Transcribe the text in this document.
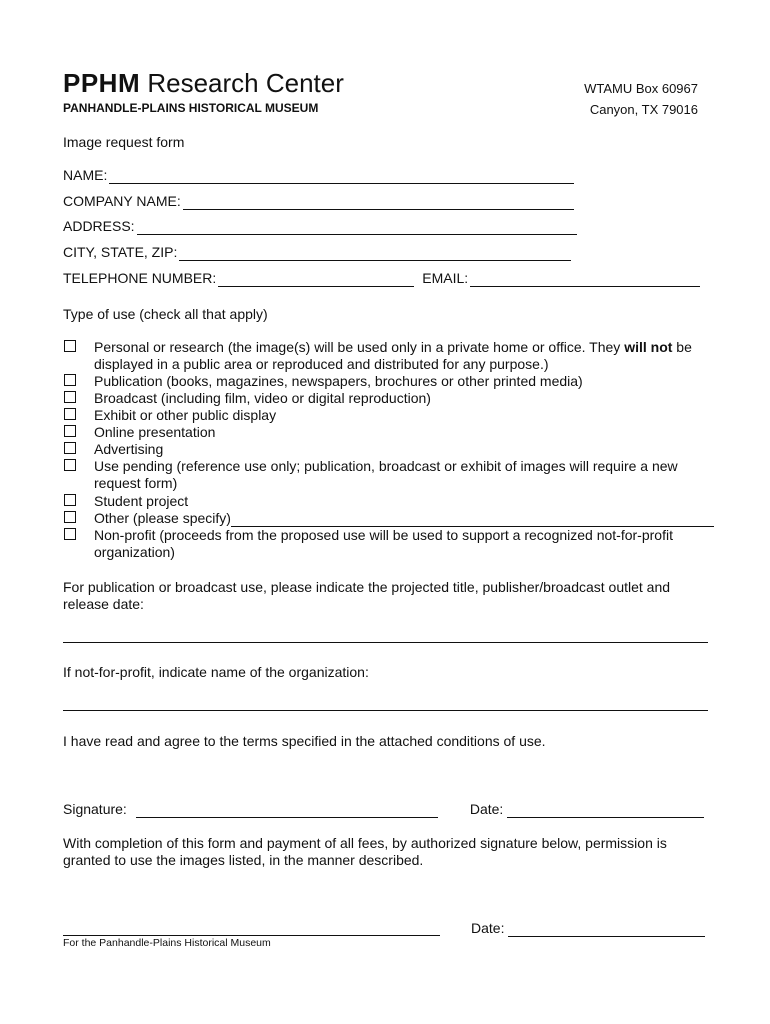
PPHM Research Center
PANHANDLE-PLAINS HISTORICAL MUSEUM
WTAMU Box 60967
Canyon, TX 79016
Image request form
NAME:
COMPANY NAME:
ADDRESS:
CITY, STATE, ZIP:
TELEPHONE NUMBER:	EMAIL:
Type of use (check all that apply)
Personal or research (the image(s) will be used only in a private home or office. They will not be displayed in a public area or reproduced and distributed for any purpose.)
Publication (books, magazines, newspapers, brochures or other printed media)
Broadcast (including film, video or digital reproduction)
Exhibit or other public display
Online presentation
Advertising
Use pending (reference use only; publication, broadcast or exhibit of images will require a new request form)
Student project
Other (please specify)
Non-profit (proceeds from the proposed use will be used to support a recognized not-for-profit organization)
For publication or broadcast use, please indicate the projected title, publisher/broadcast outlet and release date:
If not-for-profit, indicate name of the organization:
I have read and agree to the terms specified in the attached conditions of use.
Signature:	Date:
With completion of this form and payment of all fees, by authorized signature below, permission is granted to use the images listed, in the manner described.
Date:
For the Panhandle-Plains Historical Museum
